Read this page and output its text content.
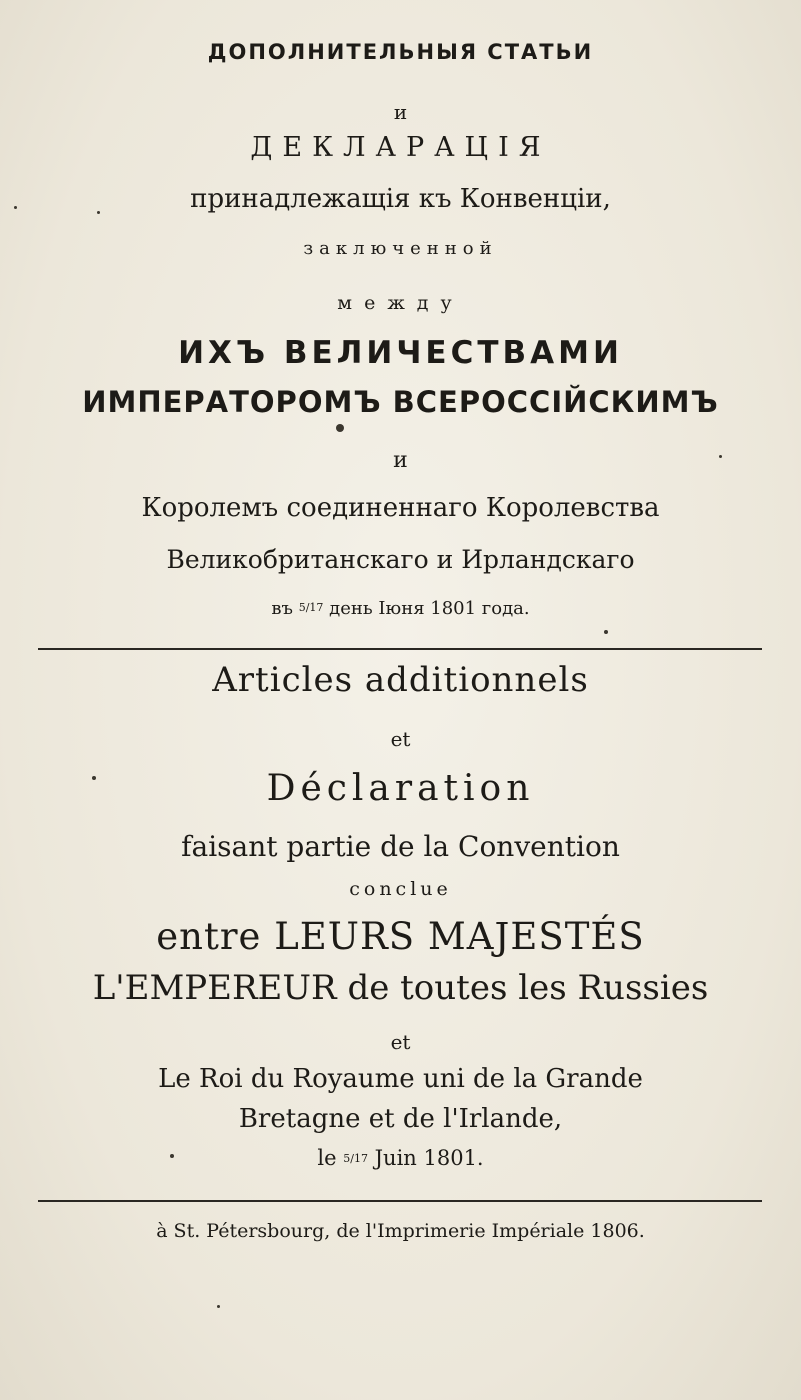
ДОПОЛНИТЕЛЬНЫЯ СТАТЬИ
и
ДЕКЛАРАЦІЯ
принадлежащія къ Конвенціи,
заключенной
между
ИХЪ ВЕЛИЧЕСТВАМИ
ИМПЕРАТОРОМЪ ВСЕРОССІЙСКИМЪ
и
Королемъ соединеннаго Королевства
Великобританскаго и Ирландскаго
въ 5/17 день Іюня 1801 года.
Articles additionnels
et
Déclaration
faisant partie de la Convention
conclue
entre LEURS MAJESTÉS
L'EMPEREUR de toutes les Russies
et
Le Roi du Royaume uni de la Grande
Bretagne et de l'Irlande,
le 5/17 Juin 1801.
à St. Pétersbourg, de l'Imprimerie Impériale 1806.
